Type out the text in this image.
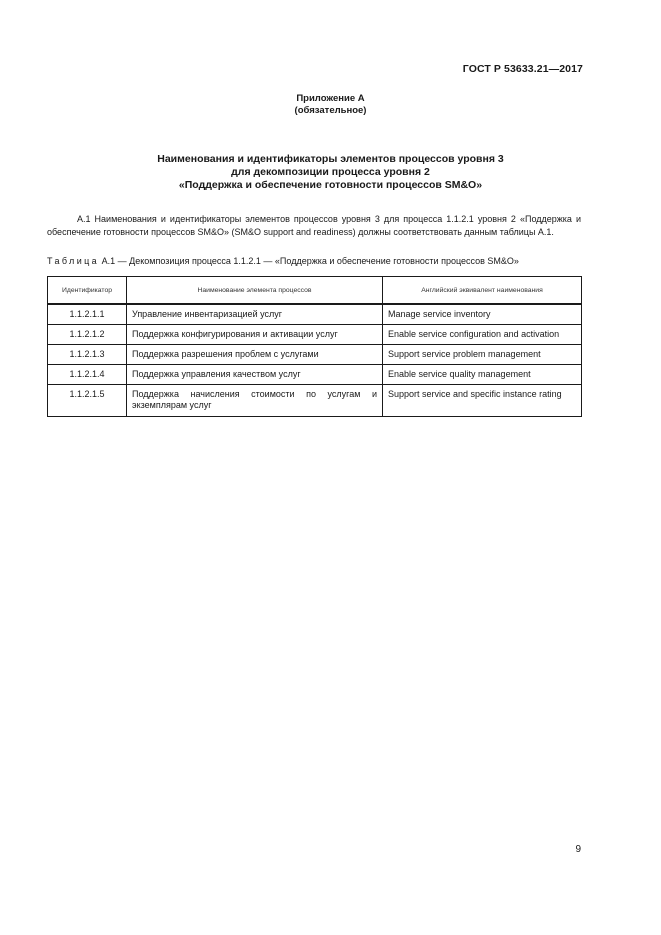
ГОСТ Р 53633.21—2017
Приложение А
(обязательное)
Наименования и идентификаторы элементов процессов уровня 3
для декомпозиции процесса уровня 2
«Поддержка и обеспечение готовности процессов SM&O»

А.1 Наименования и идентификаторы элементов процессов уровня 3 для процесса 1.1.2.1 уровня 2 «Поддержка и обеспечение готовности процессов SM&O» (SM&O support and readiness) должны соответствовать данным таблицы А.1.

Таблица А.1 — Декомпозиция процесса 1.1.2.1 — «Поддержка и обеспечение готовности процессов SM&O»
Идентификатор	Наименование элемента процессов	Английский эквивалент наименования
1.1.2.1.1	Управление инвентаризацией услуг	Manage service inventory
1.1.2.1.2	Поддержка конфигурирования и активации услуг	Enable service configuration and activation
1.1.2.1.3	Поддержка разрешения проблем с услугами	Support service problem management
1.1.2.1.4	Поддержка управления качеством услуг	Enable service quality management
1.1.2.1.5	Поддержка начисления стоимости по услугам и экземплярам услуг	Support service and specific instance rating
9
